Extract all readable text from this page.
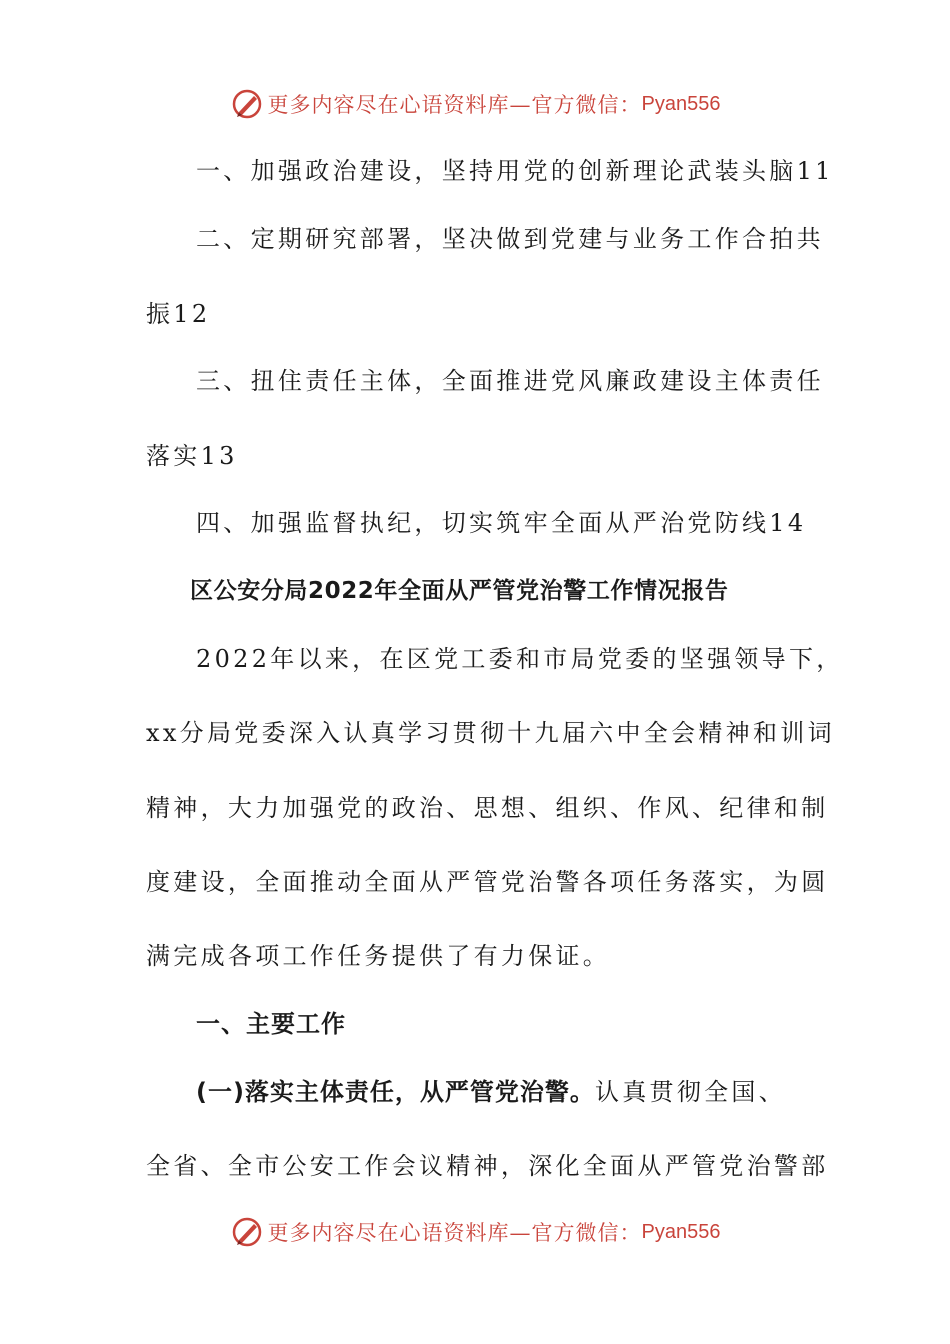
更多内容尽在心语资料库—官方微信： Pyan556
一、加强政治建设，坚持用党的创新理论武装头脑11
二、定期研究部署，坚决做到党建与业务工作合拍共
振12
三、扭住责任主体，全面推进党风廉政建设主体责任
落实13
四、加强监督执纪，切实筑牢全面从严治党防线14
区公安分局2022年全面从严管党治警工作情况报告
2022年以来，在区党工委和市局党委的坚强领导下，
xx分局党委深入认真学习贯彻十九届六中全会精神和训词
精神，大力加强党的政治、思想、组织、作风、纪律和制
度建设，全面推动全面从严管党治警各项任务落实，为圆
满完成各项工作任务提供了有力保证。
一、主要工作
(一)落实主体责任，从严管党治警。认真贯彻全国、
全省、全市公安工作会议精神，深化全面从严管党治警部
更多内容尽在心语资料库—官方微信： Pyan556
